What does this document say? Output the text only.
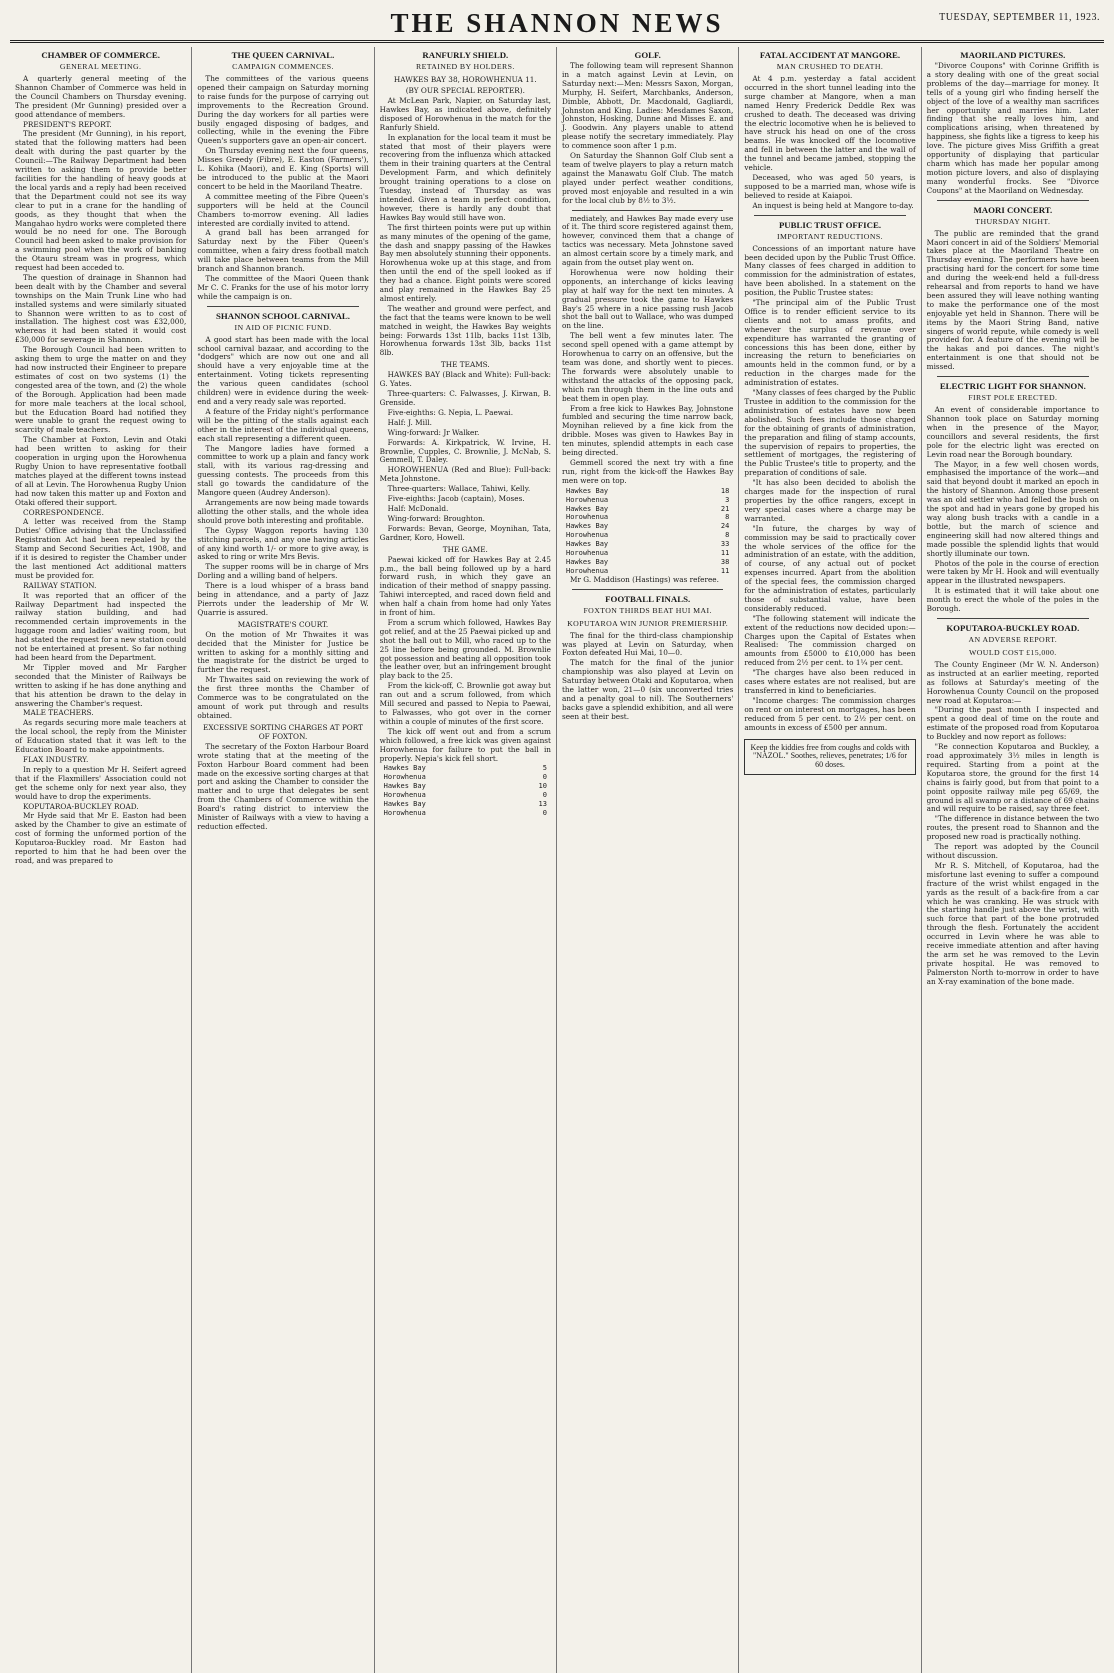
THE SHANNON NEWS	TUESDAY, SEPTEMBER 11, 1923.
CHAMBER OF COMMERCE.
GENERAL MEETING.

A quarterly general meeting of the Shannon Chamber of Commerce was held in the Council Chambers on Thursday evening. The president (Mr Gunning) presided over a good attendance of members.

PRESIDENT'S REPORT.

The president (Mr Gunning), in his report, stated that the following matters had been dealt with during the past quarter by the Council:—The Railway Department had been written to asking them to provide better facilities for the handling of heavy goods at the local yards and a reply had been received that the Department could not see its way clear to put in a crane for the handling of goods, as they thought that when the Mangahao hydro works were completed there would be no need for one. The Borough Council had been asked to make provision for a swimming pool when the work of banking the Otauru stream was in progress, which request had been acceded to.

The question of drainage in Shannon had been dealt with by the Chamber and several townships on the Main Trunk Line who had installed systems and were similarly situated to Shannon were written to as to cost of installation. The highest cost was £32,000, whereas it had been stated it would cost £30,000 for sewerage in Shannon.

The Borough Council had been written to asking them to urge the matter on and they had now instructed their Engineer to prepare estimates of cost on two systems (1) the congested area of the town, and (2) the whole of the Borough. Application had been made for more male teachers at the local school, but the Education Board had notified they were unable to grant the request owing to scarcity of male teachers.

The Chamber at Foxton, Levin and Otaki had been written to asking for their cooperation in urging upon the Horowhenua Rugby Union to have representative football matches played at the different towns instead of all at Levin. The Horowhenua Rugby Union had now taken this matter up and Foxton and Otaki offered their support.

CORRESPONDENCE.

A letter was received from the Stamp Duties' Office advising that the Unclassified Registration Act had been repealed by the Stamp and Second Securities Act, 1908, and if it is desired to register the Chamber under the last mentioned Act additional matters must be provided for.

RAILWAY STATION.

It was reported that an officer of the Railway Department had inspected the railway station building, and had recommended certain improvements in the luggage room and ladies' waiting room, but had stated the request for a new station could not be entertained at present. So far nothing had been heard from the Department.

Mr Tippler moved and Mr Fargher seconded that the Minister of Railways be written to asking if he has done anything and that his attention be drawn to the delay in answering the Chamber's request.

MALE TEACHERS.

As regards securing more male teachers at the local school, the reply from the Minister of Education stated that it was left to the Education Board to make appointments.

FLAX INDUSTRY.

In reply to a question Mr H. Seifert agreed that if the Flaxmillers' Association could not get the scheme only for next year also, they would have to drop the experiments.

KOPUTAROA-BUCKLEY ROAD.

Mr Hyde said that Mr E. Easton had been asked by the Chamber to give an estimate of cost of forming the unformed portion of the Koputaroa-Buckley road. Mr Easton had reported to him that he had been over the road, and was prepared to

THE QUEEN CARNIVAL.
CAMPAIGN COMMENCES.

The committees of the various queens opened their campaign on Saturday morning to raise funds for the purpose of carrying out improvements to the Recreation Ground. During the day workers for all parties were busily engaged disposing of badges, and collecting, while in the evening the Fibre Queen's supporters gave an open-air concert.

On Thursday evening next the four queens, Misses Greedy (Fibre), E. Easton (Farmers'), L. Kohika (Maori), and E. King (Sports) will be introduced to the public at the Maori concert to be held in the Maoriland Theatre.

A committee meeting of the Fibre Queen's supporters will be held at the Council Chambers to-morrow evening. All ladies interested are cordially invited to attend.

A grand ball has been arranged for Saturday next by the Fiber Queen's committee, when a fairy dress football match will take place between teams from the Mill branch and Shannon branch.

The committee of the Maori Queen thank Mr C. C. Franks for the use of his motor lorry while the campaign is on.

SHANNON SCHOOL CARNIVAL.
IN AID OF PICNIC FUND.

A good start has been made with the local school carnival bazaar, and according to the "dodgers" which are now out one and all should have a very enjoyable time at the entertainment. Voting tickets representing the various queen candidates (school children) were in evidence during the week-end and a very ready sale was reported.

A feature of the Friday night's performance will be the pitting of the stalls against each other in the interest of the individual queens, each stall representing a different queen.

The Mangore ladies have formed a committee to work up a plain and fancy work stall, with its various rag-dressing and guessing contests. The proceeds from this stall go towards the candidature of the Mangore queen (Audrey Anderson).

Arrangements are now being made towards allotting the other stalls, and the whole idea should prove both interesting and profitable.

The Gypsy Waggon reports having 130 stitching parcels, and any one having articles of any kind worth 1/- or more to give away, is asked to ring or write Mrs Bevis.

The supper rooms will be in charge of Mrs Dorling and a willing band of helpers.

There is a loud whisper of a brass band being in attendance, and a party of Jazz Pierrots under the leadership of Mr W. Quarrie is assured.

MAGISTRATE'S COURT.

On the motion of Mr Thwaites it was decided that the Minister for Justice be written to asking for a monthly sitting and the magistrate for the district be urged to further the request.

Mr Thwaites said on reviewing the work of the first three months the Chamber of Commerce was to be congratulated on the amount of work put through and results obtained.

EXCESSIVE SORTING CHARGES AT PORT OF FOXTON.

The secretary of the Foxton Harbour Board wrote stating that at the meeting of the Foxton Harbour Board comment had been made on the excessive sorting charges at that port and asking the Chamber to consider the matter and to urge that delegates be sent from the Chambers of Commerce within the Board's rating district to interview the Minister of Railways with a view to having a reduction effected.

RANFURLY SHIELD.
RETAINED BY HOLDERS.
HAWKES BAY 38, HOROWHENUA 11.
(BY OUR SPECIAL REPORTER).

At McLean Park, Napier, on Saturday last, Hawkes Bay, as indicated above, definitely disposed of Horowhenua in the match for the Ranfurly Shield.

In explanation for the local team it must be stated that most of their players were recovering from the influenza which attacked them in their training quarters at the Central Development Farm, and which definitely brought training operations to a close on Tuesday, instead of Thursday as was intended. Given a team in perfect condition, however, there is hardly any doubt that Hawkes Bay would still have won.

The first thirteen points were put up within as many minutes of the opening of the game, the dash and snappy passing of the Hawkes Bay men absolutely stunning their opponents. Horowhenua woke up at this stage, and from then until the end of the spell looked as if they had a chance. Eight points were scored and play remained in the Hawkes Bay 25 almost entirely.

The weather and ground were perfect, and the fact that the teams were known to be well matched in weight, the Hawkes Bay weights being: Forwards 13st 11lb, backs 11st 13lb, Horowhenua forwards 13st 3lb, backs 11st 8lb.

THE TEAMS.

HAWKES BAY (Black and White): Full-back: G. Yates.

Three-quarters: C. Falwasses, J. Kirwan, B. Grenside.

Five-eighths: G. Nepia, L. Paewai.

Half: J. Mill.

Wing-forward: Jr Walker.

Forwards: A. Kirkpatrick, W. Irvine, H. Brownlie, Cupples, C. Brownlie, J. McNab, S. Gemmell, T. Daley.

HOROWHENUA (Red and Blue): Full-back: Meta Johnstone.

Three-quarters: Wallace, Tahiwi, Kelly.

Five-eighths: Jacob (captain), Moses.

Half: McDonald.

Wing-forward: Broughton.

Forwards: Bevan, George, Moynihan, Tata, Gardner, Koro, Howell.

THE GAME.

Paewai kicked off for Hawkes Bay at 2.45 p.m., the ball being followed up by a hard forward rush, in which they gave an indication of their method of snappy passing. Tahiwi intercepted, and raced down field and when half a chain from home had only Yates in front of him.

From a scrum which followed, Hawkes Bay got relief, and at the 25 Paewai picked up and shot the ball out to Mill, who raced up to the 25 line before being grounded. M. Brownlie got possession and beating all opposition took the leather over, but an infringement brought play back to the 25.

From the kick-off, C. Brownlie got away but ran out and a scrum followed, from which Mill secured and passed to Nepia to Paewai, to Falwasses, who got over in the corner within a couple of minutes of the first score.

The kick off went out and from a scrum which followed, a free kick was given against Horowhenua for failure to put the ball in properly. Nepia's kick fell short.

Hawkes Bay	5
Horowhenua	0
Hawkes Bay	10
Horowhenua	0
Hawkes Bay	13
Horowhenua	0
GOLF.

The following team will represent Shannon in a match against Levin at Levin, on Saturday next:—Men: Messrs Saxon, Morgan, Murphy, H. Seifert, Marchbanks, Anderson, Dimble, Abbott, Dr. Macdonald, Gagliardi, Johnston and King. Ladies: Mesdames Saxon, Johnston, Hosking, Dunne and Misses E. and J. Goodwin. Any players unable to attend please notify the secretary immediately. Play to commence soon after 1 p.m.

On Saturday the Shannon Golf Club sent a team of twelve players to play a return match against the Manawatu Golf Club. The match played under perfect weather conditions, proved most enjoyable and resulted in a win for the local club by 8½ to 3½.

mediately, and Hawkes Bay made every use of it. The third score registered against them, however, convinced them that a change of tactics was necessary. Meta Johnstone saved an almost certain score by a timely mark, and again from the outset play went on.

Horowhenua were now holding their opponents, an interchange of kicks leaving play at half way for the next ten minutes. A gradual pressure took the game to Hawkes Bay's 25 where in a nice passing rush Jacob shot the ball out to Wallace, who was dumped on the line.

The bell went a few minutes later. The second spell opened with a game attempt by Horowhenua to carry on an offensive, but the team was done, and shortly went to pieces. The forwards were absolutely unable to withstand the attacks of the opposing pack, which ran through them in the line outs and beat them in open play.

From a free kick to Hawkes Bay, Johnstone fumbled and securing the time narrow back, Moynihan relieved by a fine kick from the dribble. Moses was given to Hawkes Bay in ten minutes, splendid attempts in each case being directed.

Gemmell scored the next try with a fine run, right from the kick-off the Hawkes Bay men were on top.

Hawkes Bay	18
Horowhenua	3
Hawkes Bay	21
Horowhenua	8
Hawkes Bay	24
Horowhenua	8
Hawkes Bay	33
Horowhenua	11
Hawkes Bay	38
Horowhenua	11

Mr G. Maddison (Hastings) was referee.

FOOTBALL FINALS.
FOXTON THIRDS BEAT HUI MAI.
KOPUTAROA WIN JUNIOR PREMIERSHIP.

The final for the third-class championship was played at Levin on Saturday, when Foxton defeated Hui Mai, 10—0.

The match for the final of the junior championship was also played at Levin on Saturday between Otaki and Koputaroa, when the latter won, 21—0 (six unconverted tries and a penalty goal to nil). The Southerners' backs gave a splendid exhibition, and all were seen at their best.

FATAL ACCIDENT AT MANGORE.
MAN CRUSHED TO DEATH.

At 4 p.m. yesterday a fatal accident occurred in the short tunnel leading into the surge chamber at Mangore, when a man named Henry Frederick Deddle Rex was crushed to death. The deceased was driving the electric locomotive when he is believed to have struck his head on one of the cross beams. He was knocked off the locomotive and fell in between the latter and the wall of the tunnel and became jambed, stopping the vehicle.

Deceased, who was aged 50 years, is supposed to be a married man, whose wife is believed to reside at Kaiapoi.

An inquest is being held at Mangore to-day.

PUBLIC TRUST OFFICE.
IMPORTANT REDUCTIONS.

Concessions of an important nature have been decided upon by the Public Trust Office. Many classes of fees charged in addition to commission for the administration of estates, have been abolished. In a statement on the position, the Public Trustee states:

"The principal aim of the Public Trust Office is to render efficient service to its clients and not to amass profits, and whenever the surplus of revenue over expenditure has warranted the granting of concessions this has been done, either by increasing the return to beneficiaries on amounts held in the common fund, or by a reduction in the charges made for the administration of estates.

"Many classes of fees charged by the Public Trustee in addition to the commission for the administration of estates have now been abolished. Such fees include those charged for the obtaining of grants of administration, the preparation and filing of stamp accounts, the supervision of repairs to properties, the settlement of mortgages, the registering of the Public Trustee's title to property, and the preparation of conditions of sale.

"It has also been decided to abolish the charges made for the inspection of rural properties by the office rangers, except in very special cases where a charge may be warranted.

"In future, the charges by way of commission may be said to practically cover the whole services of the office for the administration of an estate, with the addition, of course, of any actual out of pocket expenses incurred. Apart from the abolition of the special fees, the commission charged for the administration of estates, particularly those of substantial value, have been considerably reduced.

"The following statement will indicate the extent of the reductions now decided upon:—Charges upon the Capital of Estates when Realised: The commission charged on amounts from £5000 to £10,000 has been reduced from 2½ per cent. to 1¼ per cent.

"The charges have also been reduced in cases where estates are not realised, but are transferred in kind to beneficiaries.

"Income charges: The commission charges on rent or on interest on mortgages, has been reduced from 5 per cent. to 2½ per cent. on amounts in excess of £500 per annum.

Keep the kiddies free from coughs and colds with "NAZOL." Soothes, relieves, penetrates; 1/6 for 60 doses.
MAORILAND PICTURES.

"Divorce Coupons" with Corinne Griffith is a story dealing with one of the great social problems of the day—marriage for money. It tells of a young girl who finding herself the object of the love of a wealthy man sacrifices her opportunity and marries him. Later finding that she really loves him, and complications arising, when threatened by happiness, she fights like a tigress to keep his love. The picture gives Miss Griffith a great opportunity of displaying that particular charm which has made her popular among motion picture lovers, and also of displaying many wonderful frocks. See "Divorce Coupons" at the Maoriland on Wednesday.

MAORI CONCERT.
THURSDAY NIGHT.

The public are reminded that the grand Maori concert in aid of the Soldiers' Memorial takes place at the Maoriland Theatre on Thursday evening. The performers have been practising hard for the concert for some time and during the week-end held a full-dress rehearsal and from reports to hand we have been assured they will leave nothing wanting to make the performance one of the most enjoyable yet held in Shannon. There will be items by the Maori String Band, native singers of world repute, while comedy is well provided for. A feature of the evening will be the hakas and poi dances. The night's entertainment is one that should not be missed.

ELECTRIC LIGHT FOR SHANNON.
FIRST POLE ERECTED.

An event of considerable importance to Shannon took place on Saturday morning when in the presence of the Mayor, councillors and several residents, the first pole for the electric light was erected on Levin road near the Borough boundary.

The Mayor, in a few well chosen words, emphasised the importance of the work—and said that beyond doubt it marked an epoch in the history of Shannon. Among those present was an old settler who had felled the bush on the spot and had in years gone by groped his way along bush tracks with a candle in a bottle, but the march of science and engineering skill had now altered things and made possible the splendid lights that would shortly illuminate our town.

Photos of the pole in the course of erection were taken by Mr H. Hook and will eventually appear in the illustrated newspapers.

It is estimated that it will take about one month to erect the whole of the poles in the Borough.

KOPUTAROA-BUCKLEY ROAD.
AN ADVERSE REPORT.
WOULD COST £15,000.

The County Engineer (Mr W. N. Anderson) as instructed at an earlier meeting, reported as follows at Saturday's meeting of the Horowhenua County Council on the proposed new road at Koputaroa:—

"During the past month I inspected and spent a good deal of time on the route and estimate of the proposed road from Koputaroa to Buckley and now report as follows:

"Re connection Koputaroa and Buckley, a road approximately 3½ miles in length is required. Starting from a point at the Koputaroa store, the ground for the first 14 chains is fairly good, but from that point to a point opposite railway mile peg 65/69, the ground is all swamp or a distance of 69 chains and will require to be raised, say three feet.

"The difference in distance between the two routes, the present road to Shannon and the proposed new road is practically nothing.

The report was adopted by the Council without discussion.

Mr R. S. Mitchell, of Koputaroa, had the misfortune last evening to suffer a compound fracture of the wrist whilst engaged in the yards as the result of a back-fire from a car which he was cranking. He was struck with the starting handle just above the wrist, with such force that part of the bone protruded through the flesh. Fortunately the accident occurred in Levin where he was able to receive immediate attention and after having the arm set he was removed to the Levin private hospital. He was removed to Palmerston North to-morrow in order to have an X-ray examination of the bone made.
